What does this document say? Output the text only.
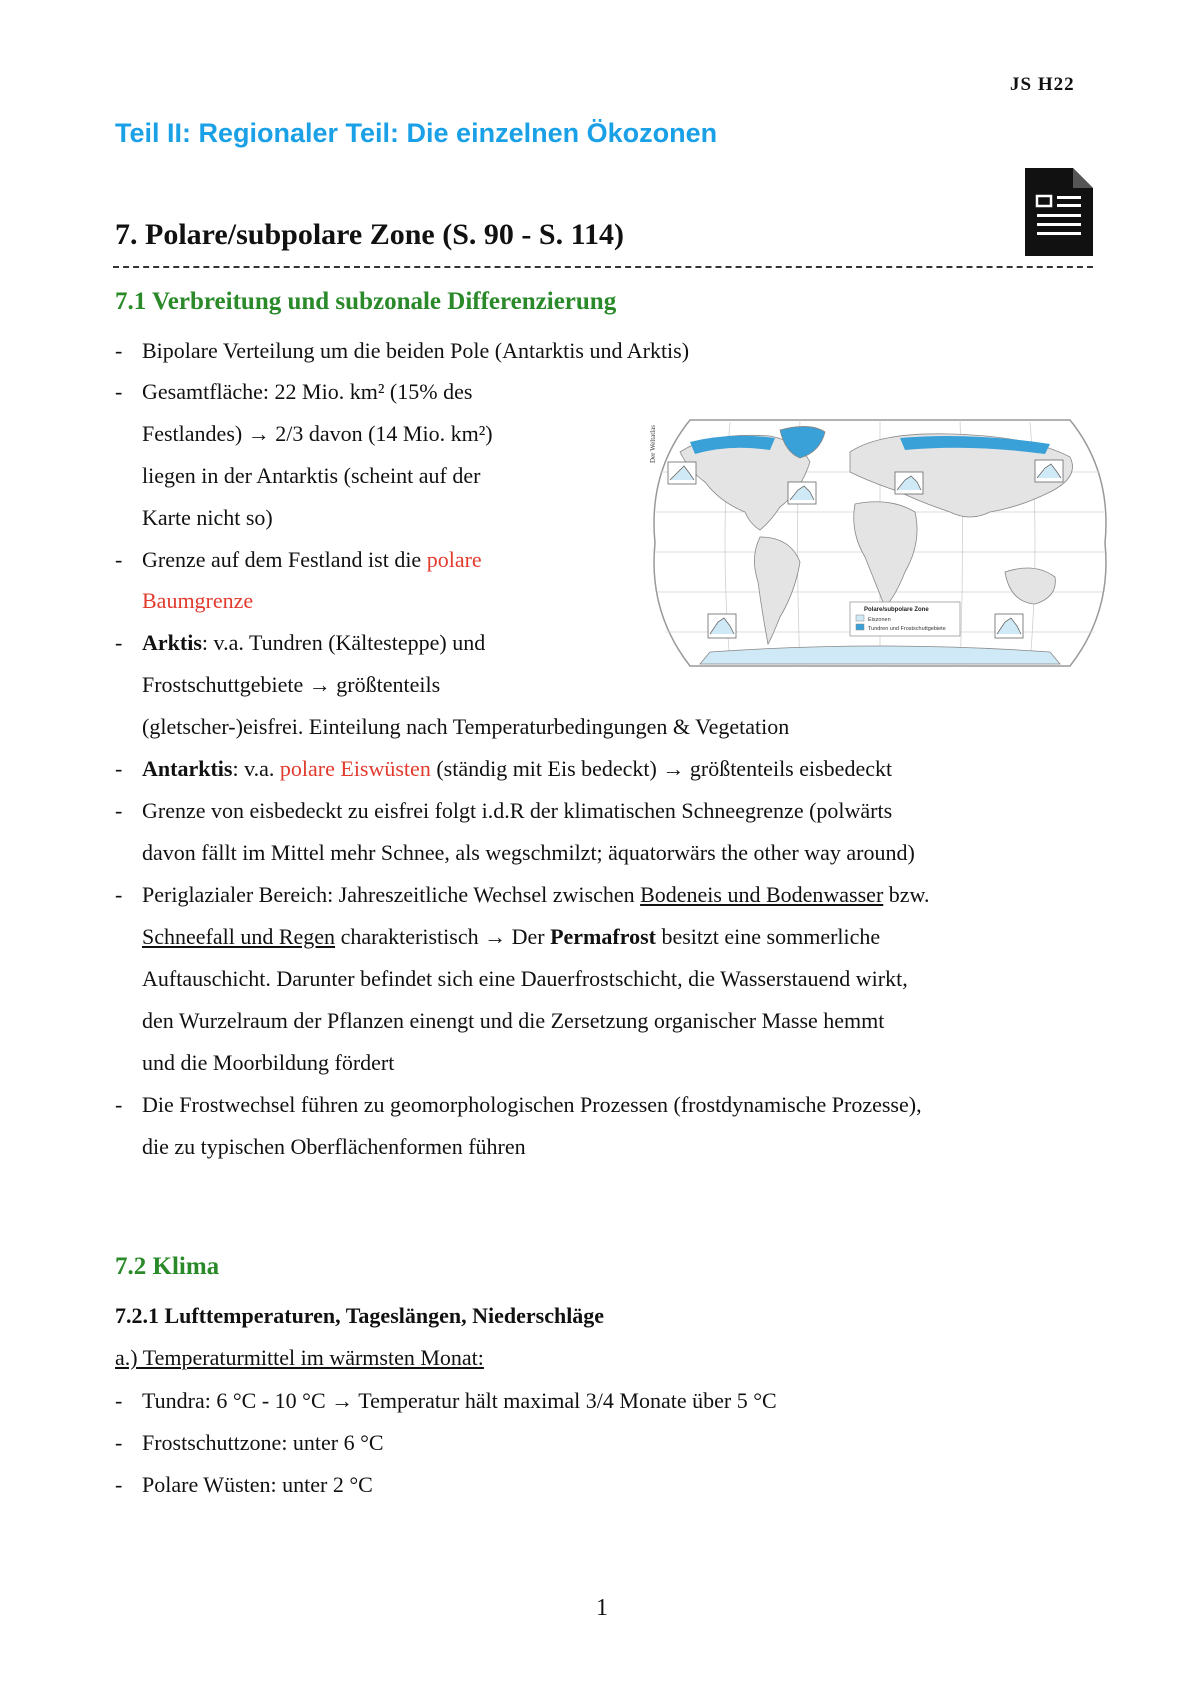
JS H22
Teil II: Regionaler Teil: Die einzelnen Ökozonen
7. Polare/subpolare Zone (S. 90 - S. 114)
7.1 Verbreitung und subzonale Differenzierung
- Bipolare Verteilung um die beiden Pole (Antarktis und Arktis)
- Gesamtfläche: 22 Mio. km² (15% des
Festlandes) → 2/3 davon (14 Mio. km²)
liegen in der Antarktis (scheint auf der
Karte nicht so)
- Grenze auf dem Festland ist die polare
Baumgrenze
- Arktis: v.a. Tundren (Kältesteppe) und
Frostschuttgebiete → größtenteils
(gletscher-)eisfrei. Einteilung nach Temperaturbedingungen & Vegetation
- Antarktis: v.a. polare Eiswüsten (ständig mit Eis bedeckt) → größtenteils eisbedeckt
- Grenze von eisbedeckt zu eisfrei folgt i.d.R der klimatischen Schneegrenze (polwärts
davon fällt im Mittel mehr Schnee, als wegschmilzt; äquatorwärs the other way around)
- Periglazialer Bereich: Jahreszeitliche Wechsel zwischen Bodeneis und Bodenwasser bzw.
Schneefall und Regen charakteristisch → Der Permafrost besitzt eine sommerliche
Auftauschicht. Darunter befindet sich eine Dauerfrostschicht, die Wasserstauend wirkt,
den Wurzelraum der Pflanzen einengt und die Zersetzung organischer Masse hemmt
und die Moorbildung fördert
- Die Frostwechsel führen zu geomorphologischen Prozessen (frostdynamische Prozesse),
die zu typischen Oberflächenformen führen
Der Weltatlas
Polare/subpolare Zone
Eiszonen
Tundren und Frostschuttgebiete
7.2 Klima
7.2.1 Lufttemperaturen, Tageslängen, Niederschläge
a.) Temperaturmittel im wärmsten Monat:
- Tundra: 6 °C - 10 °C → Temperatur hält maximal 3/4 Monate über 5 °C
- Frostschuttzone: unter 6 °C
- Polare Wüsten: unter 2 °C
1
